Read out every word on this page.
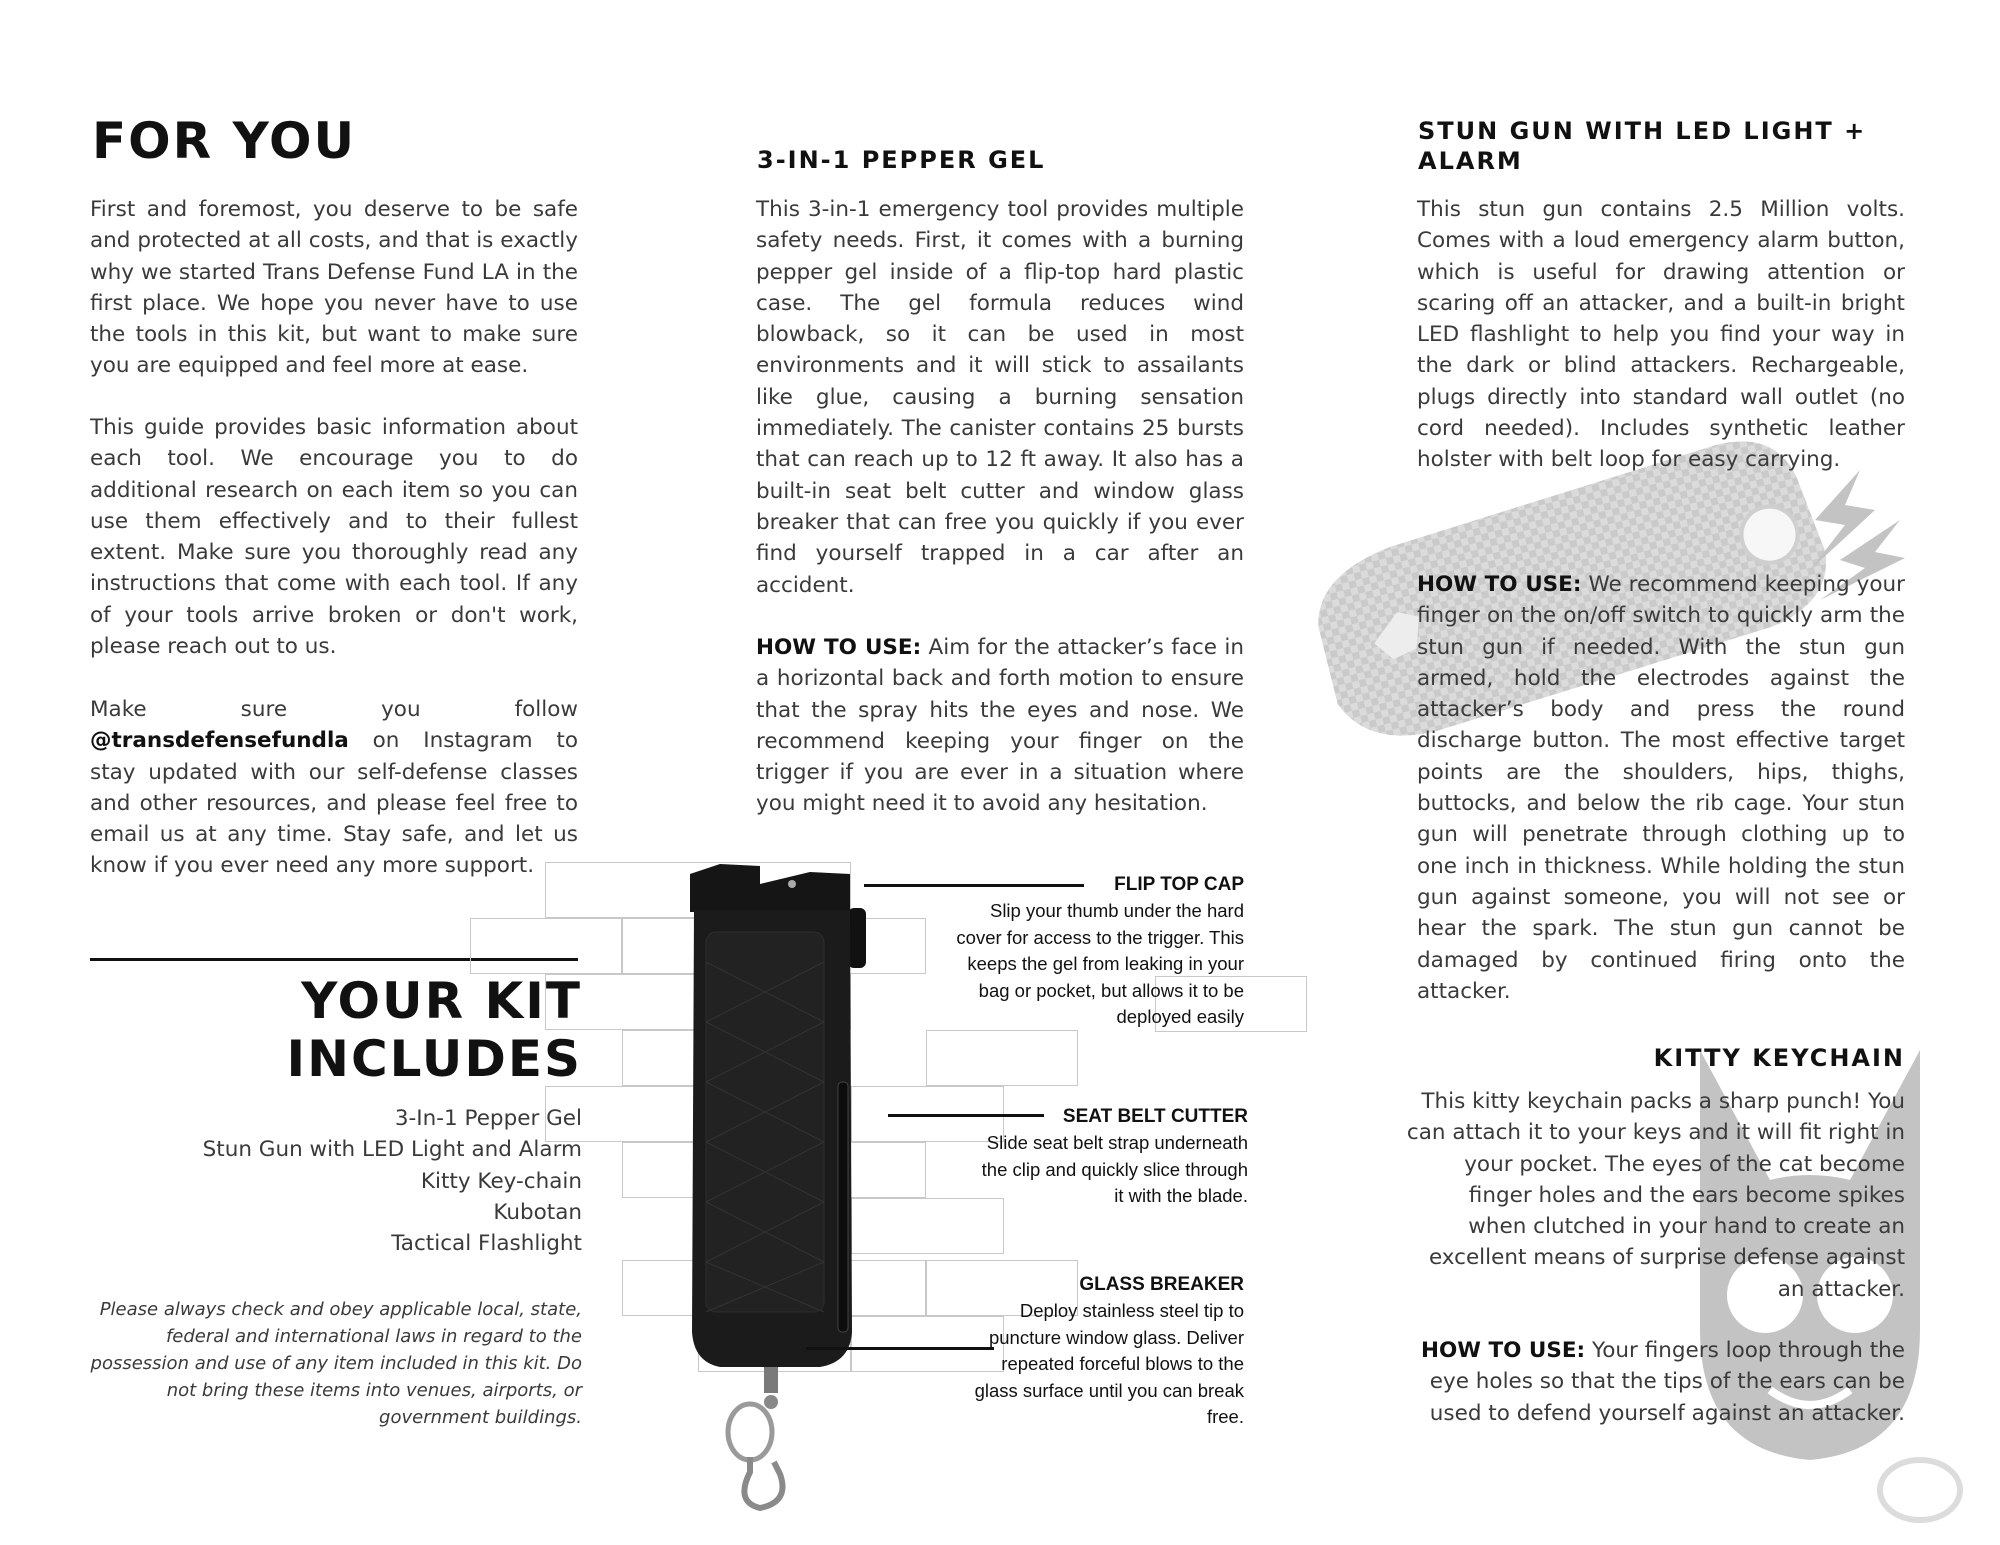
FOR YOU

First and foremost, you deserve to be safe and protected at all costs, and that is exactly why we started Trans Defense Fund LA in the first place. We hope you never have to use the tools in this kit, but want to make sure you are equipped and feel more at ease.

This guide provides basic information about each tool. We encourage you to do additional research on each item so you can use them effectively and to their fullest extent. Make sure you thoroughly read any instructions that come with each tool. If any of your tools arrive broken or don't work, please reach out to us.

Make sure you follow @transdefensefundla on Instagram to stay updated with our self-defense classes and other resources, and please feel free to email us at any time. Stay safe, and let us know if you ever need any more support.

YOUR KIT
INCLUDES
3-In-1 Pepper Gel
Stun Gun with LED Light and Alarm
Kitty Key-chain
Kubotan
Tactical Flashlight

Please always check and obey applicable local, state, federal and international laws in regard to the possession and use of any item included in this kit. Do not bring these items into venues, airports, or government buildings.

3-IN-1 PEPPER GEL

This 3-in-1 emergency tool provides multiple safety needs. First, it comes with a burning pepper gel inside of a flip-top hard plastic case. The gel formula reduces wind blowback, so it can be used in most environments and it will stick to assailants like glue, causing a burning sensation immediately. The canister contains 25 bursts that can reach up to 12 ft away. It also has a built-in seat belt cutter and window glass breaker that can free you quickly if you ever find yourself trapped in a car after an accident.

HOW TO USE: Aim for the attacker’s face in a horizontal back and forth motion to ensure that the spray hits the eyes and nose. We recommend keeping your finger on the trigger if you are ever in a situation where you might need it to avoid any hesitation.

FLIP TOP CAP
Slip your thumb under the hard cover for access to the trigger. This keeps the gel from leaking in your bag or pocket, but allows it to be deployed easily
SEAT BELT CUTTER
Slide seat belt strap underneath the clip and quickly slice through it with the blade.
GLASS BREAKER
Deploy stainless steel tip to puncture window glass. Deliver repeated forceful blows to the glass surface until you can break free.
STUN GUN WITH LED LIGHT + ALARM

This stun gun contains 2.5 Million volts. Comes with a loud emergency alarm button, which is useful for drawing attention or scaring off an attacker, and a built-in bright LED flashlight to help you find your way in the dark or blind attackers. Rechargeable, plugs directly into standard wall outlet (no cord needed). Includes synthetic leather holster with belt loop for easy carrying.

HOW TO USE: We recommend keeping your finger on the on/off switch to quickly arm the stun gun if needed. With the stun gun armed, hold the electrodes against the attacker’s body and press the round discharge button. The most effective target points are the shoulders, hips, thighs, buttocks, and below the rib cage. Your stun gun will penetrate through clothing up to one inch in thickness. While holding the stun gun against someone, you will not see or hear the spark. The stun gun cannot be damaged by continued firing onto the attacker.

KITTY KEYCHAIN

This kitty keychain packs a sharp punch! You can attach it to your keys and it will fit right in your pocket. The eyes of the cat become finger holes and the ears become spikes when clutched in your hand to create an excellent means of surprise defense against an attacker.

HOW TO USE: Your fingers loop through the eye holes so that the tips of the ears can be used to defend yourself against an attacker.
